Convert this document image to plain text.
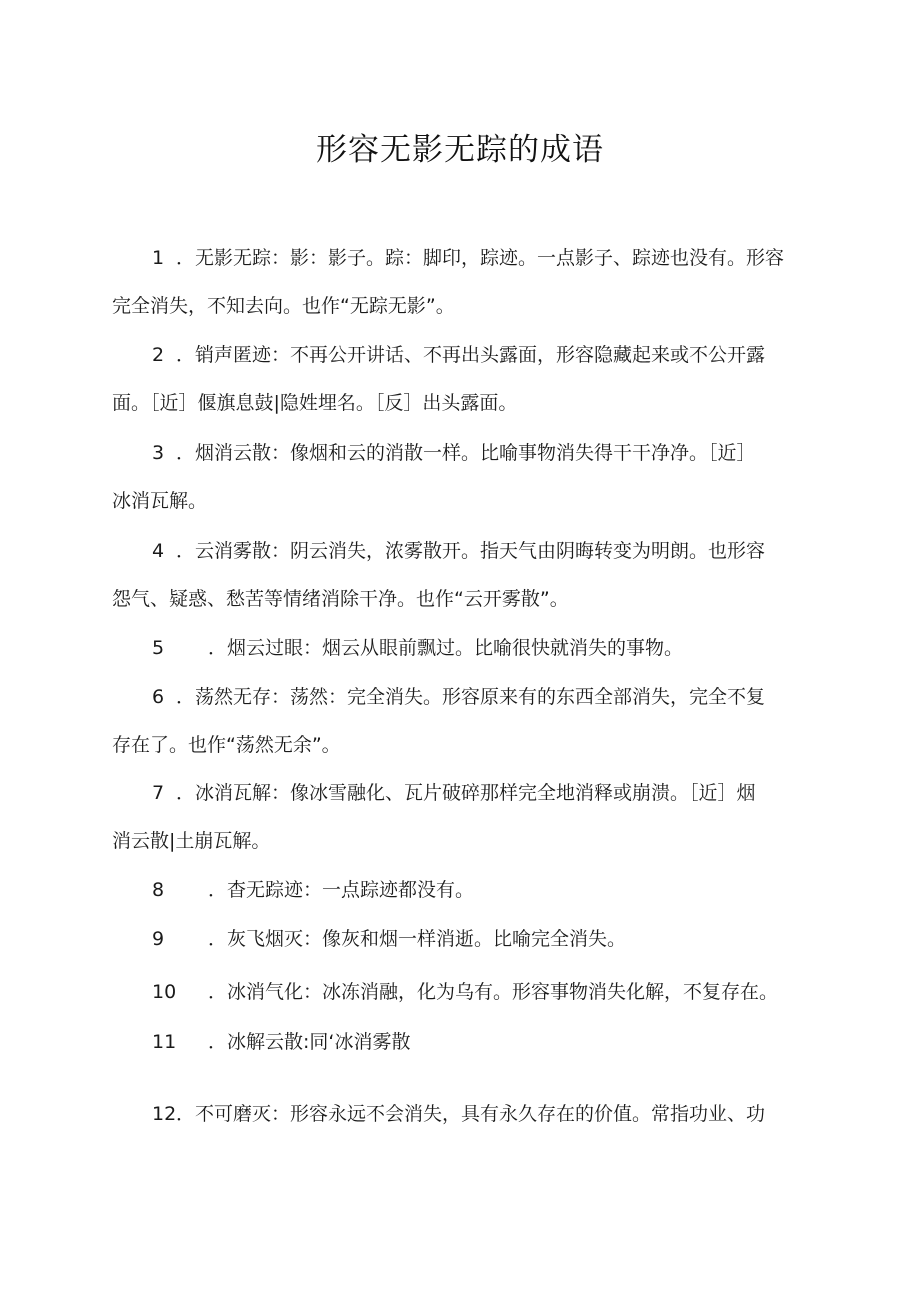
形容无影无踪的成语
1 ．无影无踪：影：影子。踪：脚印，踪迹。一点影子、踪迹也没有。形容
完全消失，不知去向。也作“无踪无影”。
2 ．销声匿迹：不再公开讲话、不再出头露面，形容隐藏起来或不公开露
面。［近］偃旗息鼓|隐姓埋名。［反］出头露面。
3 ．烟消云散：像烟和云的消散一样。比喻事物消失得干干净净。［近］
冰消瓦解。
4 ．云消雾散：阴云消失，浓雾散开。指天气由阴晦转变为明朗。也形容
怨气、疑惑、愁苦等情绪消除干净。也作“云开雾散”。
5	．烟云过眼：烟云从眼前飘过。比喻很快就消失的事物。
6 ．荡然无存：荡然：完全消失。形容原来有的东西全部消失，完全不复
存在了。也作“荡然无余”。
7 ．冰消瓦解：像冰雪融化、瓦片破碎那样完全地消释或崩溃。［近］烟
消云散|土崩瓦解。
8	．杳无踪迹：一点踪迹都没有。
9	．灰飞烟灭：像灰和烟一样消逝。比喻完全消失。
10	．冰消气化：冰冻消融，化为乌有。形容事物消失化解，不复存在。
11	．冰解云散:同‘冰消雾散
12 ．不可磨灭：形容永远不会消失，具有永久存在的价值。常指功业、功
